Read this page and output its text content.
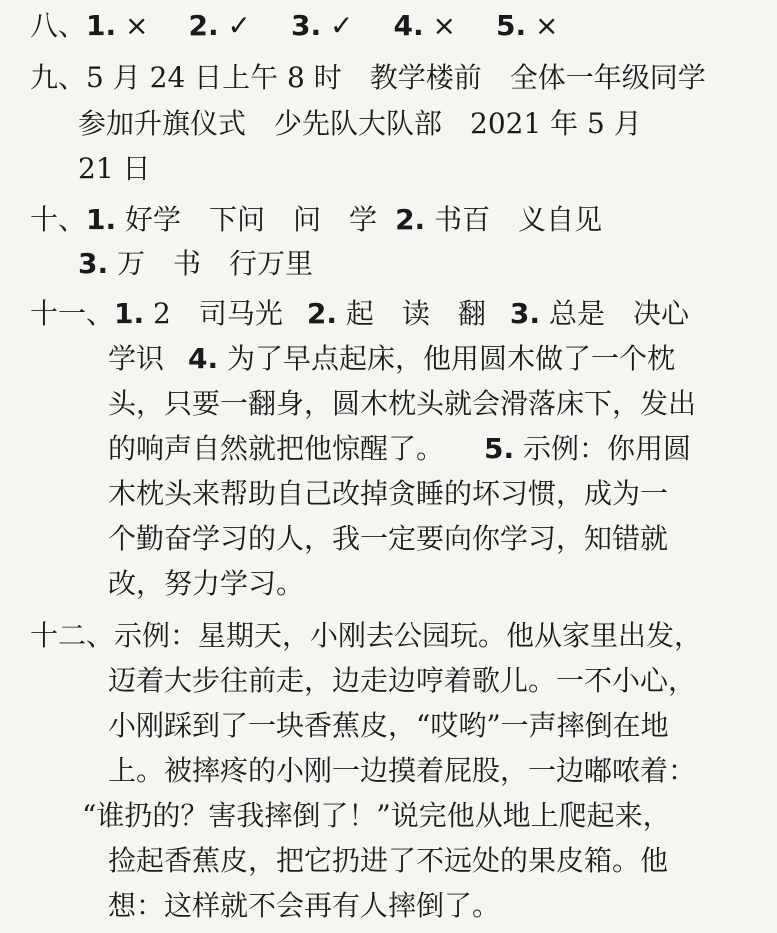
八、1. × 2. ✓ 3. ✓ 4. × 5. ×
九、5 月 24 日上午 8 时　教学楼前　全体一年级同学
参加升旗仪式　少先队大队部　2021 年 5 月
21 日
十、1. 好学　下问　问　学 2. 书百　义自见
3. 万　书　行万里
十一、1. 2　司马光 2. 起　读　翻 3. 总是　决心
学识 4. 为了早点起床，他用圆木做了一个枕
头，只要一翻身，圆木枕头就会滑落床下，发出
的响声自然就把他惊醒了。 5. 示例：你用圆
木枕头来帮助自己改掉贪睡的坏习惯，成为一
个勤奋学习的人，我一定要向你学习，知错就
改，努力学习。
十二、示例：星期天，小刚去公园玩。他从家里出发，
迈着大步往前走，边走边哼着歌儿。一不小心，
小刚踩到了一块香蕉皮，“哎哟”一声摔倒在地
上。被摔疼的小刚一边摸着屁股，一边嘟哝着：
“谁扔的？害我摔倒了！”说完他从地上爬起来，
捡起香蕉皮，把它扔进了不远处的果皮箱。他
想：这样就不会再有人摔倒了。
